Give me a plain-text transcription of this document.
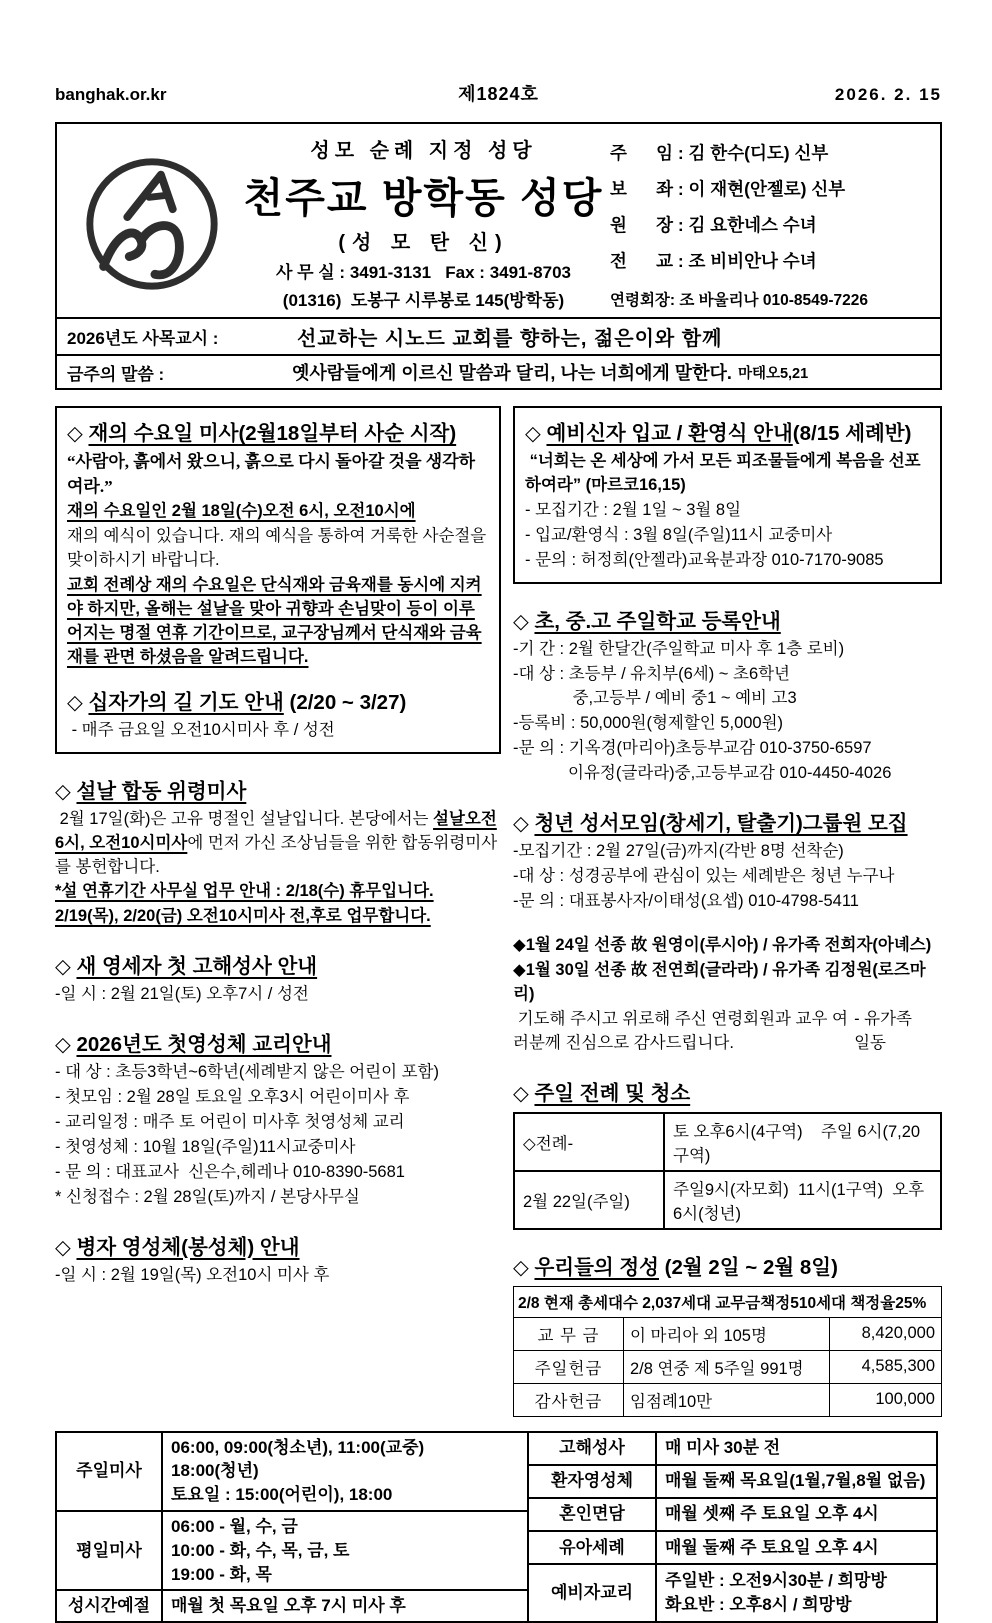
banghak.or.kr	제1824호	2026. 2. 15
성모 순례 지정 성당
천주교 방학동 성당
(성 모 탄 신)
사 무 실 : 3491-3131   Fax : 3491-8703
(01316)  도봉구 시루봉로 145(방학동)
주      임 : 김 한수(디도) 신부
보      좌 : 이 재현(안젤로) 신부
원      장 : 김 요한네스 수녀
전      교 : 조 비비안나 수녀
연령회장: 조 바울리나 010-8549-7226
2026년도 사목교시 :	선교하는 시노드 교회를 향하는, 젊은이와 함께
금주의 말씀 :	옛사람들에게 이르신 말씀과 달리, 나는 너희에게 말한다. 마태오5,21
◇ 재의 수요일 미사(2월18일부터 사순 시작)
“사람아, 흙에서 왔으니, 흙으로 다시 돌아갈 것을 생각하여라.”
재의 수요일인 2월 18일(수)오전 6시, 오전10시에
재의 예식이 있습니다. 재의 예식을 통하여 거룩한 사순절을 맞이하시기 바랍니다.
교회 전례상 재의 수요일은 단식재와 금육재를 동시에 지켜야 하지만, 올해는 설날을 맞아 귀향과 손님맞이 등이 이루어지는 명절 연휴 기간이므로, 교구장님께서 단식재와 금육재를 관면 하셨음을 알려드립니다.
◇ 십자가의 길 기도 안내 (2/20 ~ 3/27)
- 매주 금요일 오전10시미사 후 / 성전
◇ 설날 합동 위령미사
2월 17일(화)은 고유 명절인 설날입니다. 본당에서는 설날오전6시, 오전10시미사에 먼저 가신 조상님들을 위한 합동위령미사를 봉헌합니다.
*설 연휴기간 사무실 업무 안내 : 2/18(수) 휴무입니다.
2/19(목), 2/20(금) 오전10시미사 전,후로 업무합니다.
◇ 새 영세자 첫 고해성사 안내
-일 시 : 2월 21일(토) 오후7시 / 성전
◇ 2026년도 첫영성체 교리안내
- 대 상 : 초등3학년~6학년(세례받지 않은 어린이 포함)
- 첫모임 : 2월 28일 토요일 오후3시 어린이미사 후
- 교리일정 : 매주 토 어린이 미사후 첫영성체 교리
- 첫영성체 : 10월 18일(주일)11시교중미사
- 문 의 : 대표교사  신은수,헤레나 010-8390-5681
* 신청접수 : 2월 28일(토)까지 / 본당사무실
◇ 병자 영성체(봉성체) 안내
-일 시 : 2월 19일(목) 오전10시 미사 후
◇ 예비신자 입교 / 환영식 안내(8/15 세례반)
“너희는 온 세상에 가서 모든 피조물들에게 복음을 선포하여라” (마르코16,15)
- 모집기간 : 2월 1일 ~ 3월 8일
- 입교/환영식 : 3월 8일(주일)11시 교중미사
- 문의 : 허정희(안젤라)교육분과장 010-7170-9085
◇ 초, 중.고 주일학교 등록안내
-기 간 : 2월 한달간(주일학교 미사 후 1층 로비)
-대 상 : 초등부 / 유치부(6세) ~ 초6학년
중,고등부 / 예비 중1 ~ 예비 고3
-등록비 : 50,000원(형제할인 5,000원)
-문 의 : 기옥경(마리아)초등부교감 010-3750-6597
이유정(글라라)중,고등부교감 010-4450-4026
◇ 청년 성서모임(창세기, 탈출기)그룹원 모집
-모집기간 : 2월 27일(금)까지(각반 8명 선착순)
-대 상 : 성경공부에 관심이 있는 세례받은 청년 누구나
-문 의 : 대표봉사자/이태성(요셉) 010-4798-5411
◆1월 24일 선종 故 원영이(루시아) / 유가족 전희자(아녜스)
◆1월 30일 선종 故 전연희(글라라) / 유가족 김정원(로즈마리)
기도해 주시고 위로해 주신 연령회원과 교우 여러분께 진심으로 감사드립니다.
- 유가족 일동
◇ 주일 전례 및 청소
◇전례-	토 오후6시(4구역)    주일 6시(7,20구역)
2월 22일(주일)	주일9시(자모회)  11시(1구역)  오후6시(청년)
◇ 우리들의 정성 (2월 2일 ~ 2월 8일)
2/8 현재 총세대수 2,037세대 교무금책정510세대 책정율25%		
교 무 금	이 마리아 외 105명	8,420,000
주일헌금	2/8 연중 제 5주일 991명	4,585,300
감사헌금	임점례10만	100,000
주일미사	06:00, 09:00(청소년), 11:00(교중)
18:00(청년)
토요일 : 15:00(어린이), 18:00
평일미사	06:00 - 월, 수, 금
10:00 - 화, 수, 목, 금, 토
19:00 - 화, 목
성시간예절	매월 첫 목요일 오후 7시 미사 후
고해성사	매 미사 30분 전
환자영성체	매월 둘째 목요일(1월,7월,8월 없음)
혼인면담	매월 셋째 주 토요일 오후 4시
유아세례	매월 둘째 주 토요일 오후 4시
예비자교리	주일반 : 오전9시30분 / 희망방
화요반 : 오후8시 / 희망방
